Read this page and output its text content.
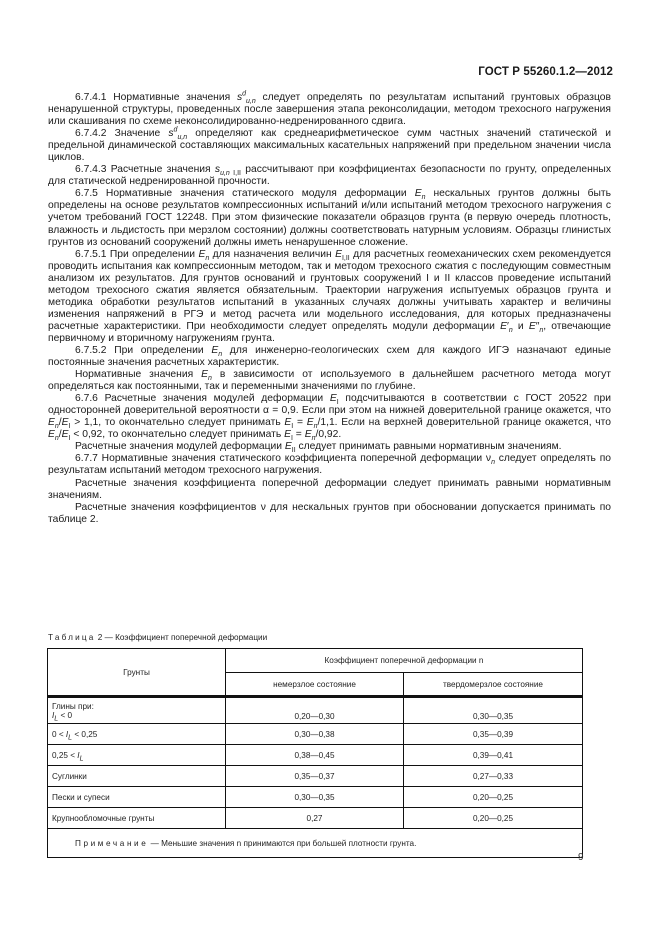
ГОСТ Р 55260.1.2—2012

6.7.4.1 Нормативные значения $s^d_{u,n}$ следует определять по результатам испытаний грунтовых образцов ненарушенной структуры, проведенных после завершения этапа реконсолидации, методом трехосного нагружения или скашивания по схеме неконсолидированно-недренированного сдвига.

6.7.4.2 Значение $s^d_{u,n}$ определяют как среднеарифметическое сумм частных значений статической и предельной динамической составляющих максимальных касательных напряжений при предельном значении числа циклов.

6.7.4.3 Расчетные значения $s_{u,n I,II}$ рассчитывают при коэффициентах безопасности по грунту, определенных для статической недренированной прочности.

6.7.5 Нормативные значения статического модуля деформации $E_n$ нескальных грунтов должны быть определены на основе результатов компрессионных испытаний и/или испытаний методом трехосного нагружения с учетом требований ГОСТ 12248. При этом физические показатели образцов грунта (в первую очередь плотность, влажность и льдистость при мерзлом состоянии) должны соответствовать натурным условиям. Образцы глинистых грунтов из оснований сооружений должны иметь ненарушенное сложение.

6.7.5.1 При определении $E_n$ для назначения величин $E_{I,II}$ для расчетных геомеханических схем рекомендуется проводить испытания как компрессионным методом, так и методом трехосного сжатия с последующим совместным анализом их результатов. Для грунтов оснований и грунтовых сооружений I и II классов проведение испытаний методом трехосного сжатия является обязательным. Траектории нагружения испытуемых образцов грунта и методика обработки результатов испытаний в указанных случаях должны учитывать характер и величины изменения напряжений в РГЭ и метод расчета или модельного исследования, для которых предназначены расчетные характеристики. При необходимости следует определять модули деформации $E'_n$ и $E''_n$, отвечающие первичному и вторичному нагружениям грунта.

6.7.5.2 При определении $E_n$ для инженерно-геологических схем для каждого ИГЭ назначают единые постоянные значения расчетных характеристик.

Нормативные значения $E_n$ в зависимости от используемого в дальнейшем расчетного метода могут определяться как постоянными, так и переменными значениями по глубине.

6.7.6 Расчетные значения модулей деформации $E_I$ подсчитываются в соответствии с ГОСТ 20522 при односторонней доверительной вероятности α = 0,9. Если при этом на нижней доверительной границе окажется, что $E_n/E_I > 1,1$, то окончательно следует принимать $E_I = E_n/1,1$. Если на верхней доверительной границе окажется, что $E_n/E_I < 0,92$, то окончательно следует принимать $E_I = E_n/0,92$.

Расчетные значения модулей деформации $E_{II}$ следует принимать равными нормативным значениям.

6.7.7 Нормативные значения статического коэффициента поперечной деформации $\nu_n$ следует определять по результатам испытаний методом трехосного нагружения.

Расчетные значения коэффициента поперечной деформации следует принимать равными нормативным значениям.

Расчетные значения коэффициентов ν для нескальных грунтов при обосновании допускается принимать по таблице 2.

Таблица 2 — Коэффициент поперечной деформации
Грунты	Коэффициент поперечной деформации n	
	немерзлое состояние	твердомерзлое состояние
Глины при:
$I_L < 0$	0,20—0,30	0,30—0,35
$0 < I_L < 0,25$	0,30—0,38	0,35—0,39
$0,25 < I_L$	0,38—0,45	0,39—0,41
Суглинки	0,35—0,37	0,27—0,33
Пески и супеси	0,30—0,35	0,20—0,25
Крупнообломочные грунты	0,27	0,20—0,25
Примечание — Меньшие значения n принимаются при большей плотности грунта.		
9
